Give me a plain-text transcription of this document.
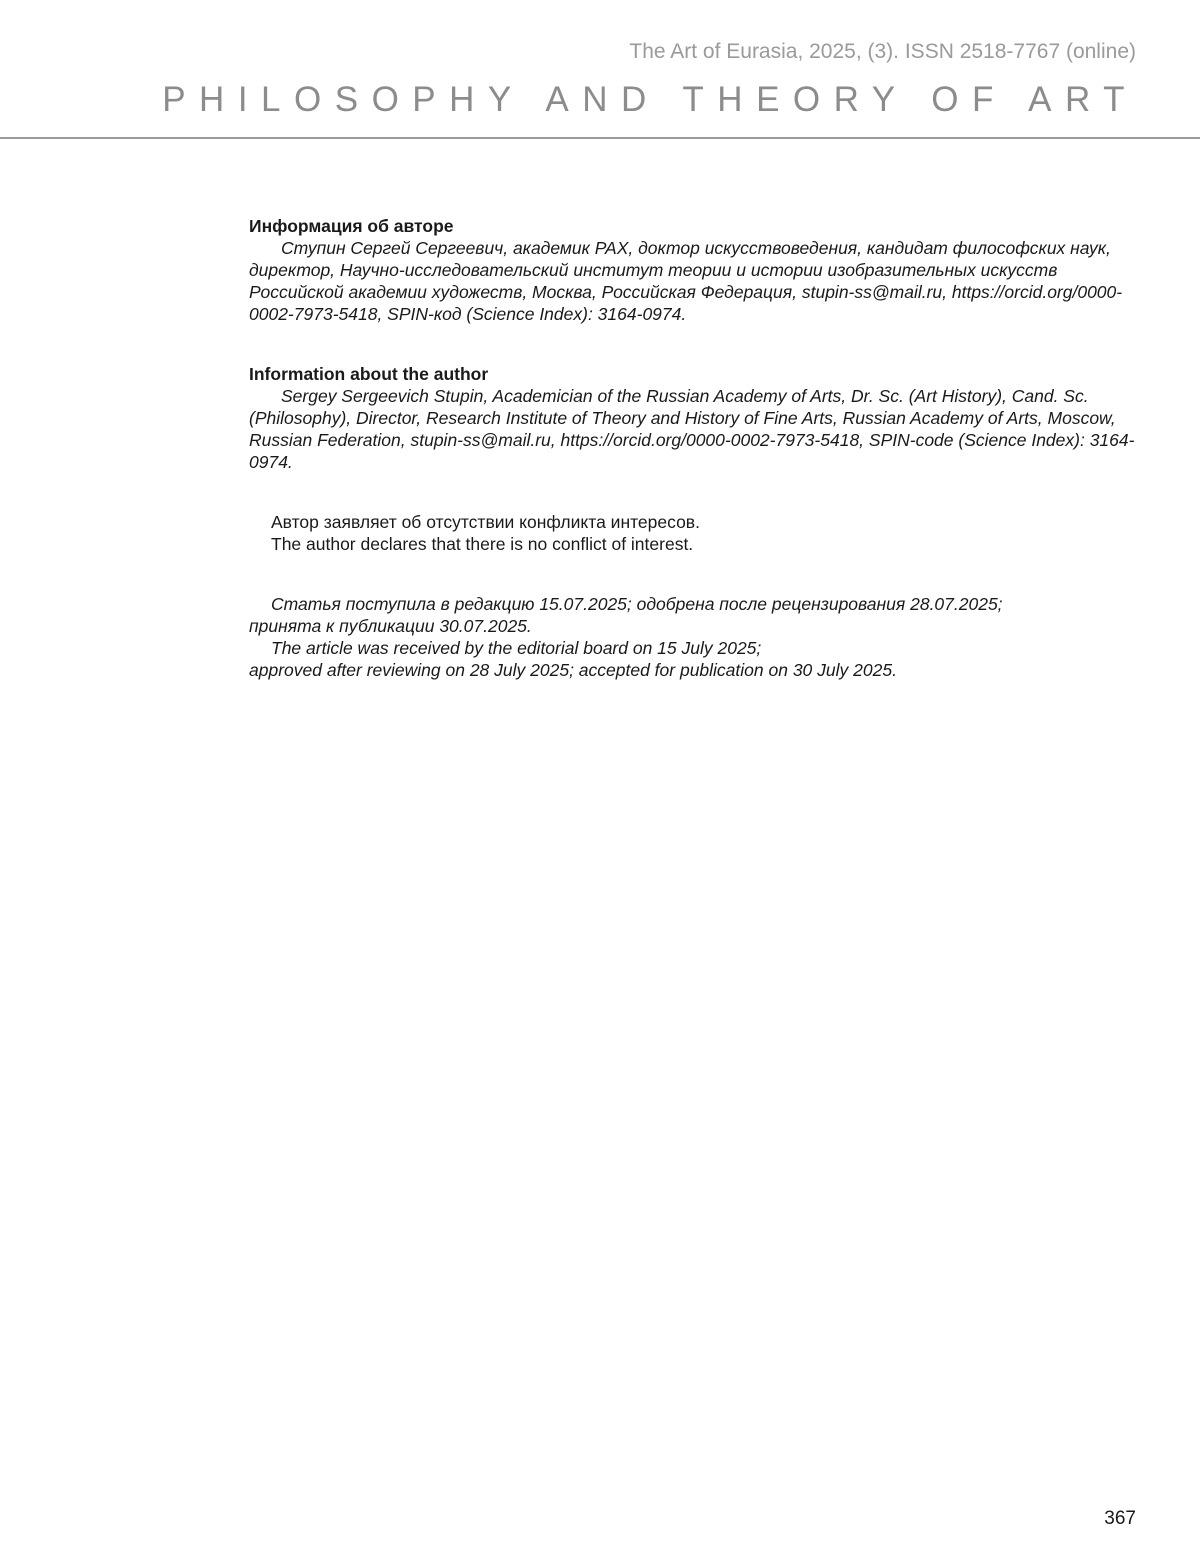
The Art of Eurasia, 2025, (3). ISSN 2518-7767 (online)
PHILOSOPHY AND THEORY OF ART

Информация об авторе

Ступин Сергей Сергеевич, академик РАХ, доктор искусствоведения, кандидат философских наук, директор, Научно-исследовательский институт теории и истории изобразительных искусств Российской академии художеств, Москва, Российская Федерация, stupin-ss@mail.ru, https://orcid.org/0000-0002-7973-5418, SPIN-код (Science Index): 3164-0974.

Information about the author

Sergey Sergeevich Stupin, Academician of the Russian Academy of Arts, Dr. Sc. (Art History), Cand. Sc. (Philosophy), Director, Research Institute of Theory and History of Fine Arts, Russian Academy of Arts, Moscow, Russian Federation, stupin-ss@mail.ru, https://orcid.org/0000-0002-7973-5418, SPIN-code (Science Index): 3164-0974.

Автор заявляет об отсутствии конфликта интересов.

The author declares that there is no conflict of interest.

Статья поступила в редакцию 15.07.2025; одобрена после рецензирования 28.07.2025;

принята к публикации 30.07.2025.

The article was received by the editorial board on 15 July 2025;

approved after reviewing on 28 July 2025; accepted for publication on 30 July 2025.

367
